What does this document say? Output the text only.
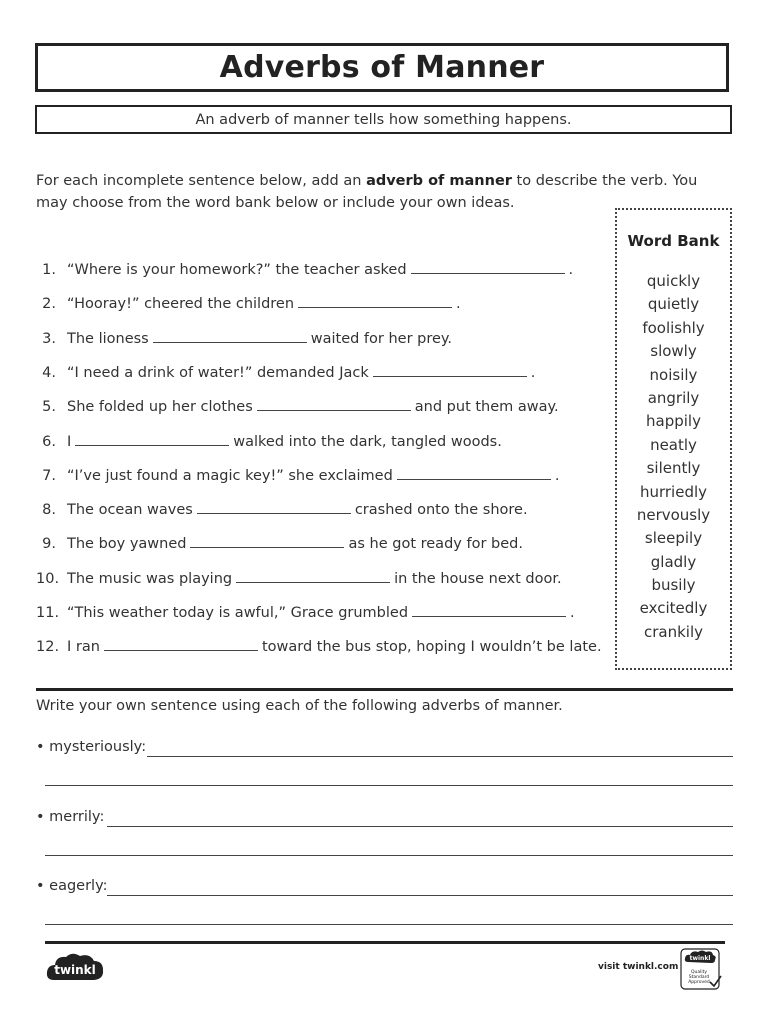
Adverbs of Manner
An adverb of manner tells how something happens.
For each incomplete sentence below, add an adverb of manner to describe the verb. You may choose from the word bank below or include your own ideas.
1. “Where is your homework?” the teacher asked	.
2. “Hooray!” cheered the children	.
3. The lioness	waited for her prey.
4. “I need a drink of water!” demanded Jack	.
5. She folded up her clothes	and put them away.
6. I	walked into the dark, tangled woods.
7. “I’ve just found a magic key!” she exclaimed	.
8. The ocean waves	crashed onto the shore.
9. The boy yawned	as he got ready for bed.
10. The music was playing	in the house next door.
11. “This weather today is awful,” Grace grumbled	.
12. I ran	toward the bus stop, hoping I wouldn’t be late.
Word Bank
quickly
quietly
foolishly
slowly
noisily
angrily
happily
neatly
silently
hurriedly
nervously
sleepily
gladly
busily
excitedly
crankily
Write your own sentence using each of the following adverbs of manner.
• mysteriously:
• merrily:
• eagerly:
twinkl	visit twinkl.com
twinkl
Quality Standard Approved
